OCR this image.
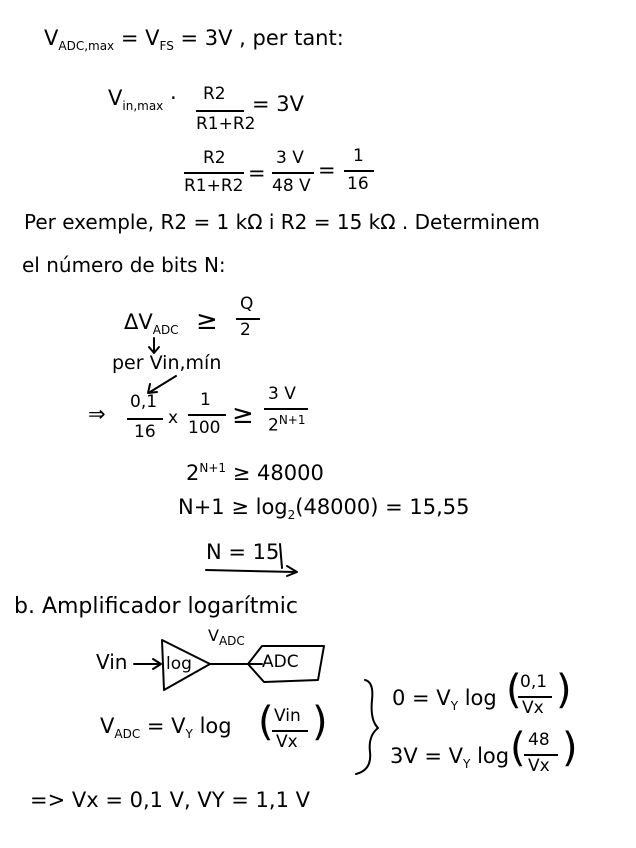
$V_{ADC,max} = V_{FS} = 3V$ , per tant:
$V_{in,max} \cdot R2$
R1+R2
= 3V
R2
R1+R2
=
3 V
48 V
=
1
16
Per exemple, R2 = 1 kΩ i R2 = 15 kΩ . Determinem
el número de bits N:
$\Delta V_{ADC}$ ≥
Q
2
per Vin,mín
⇒ 0,1
16
x
1
100 ≥
3 V
$2^{N+1}$
$2^{N+1} \ge 48000$
$N+1 \ge \log_2(48000) = 15,55$
N = 15
b. Amplificador logarítmic
Vin log
$V_{ADC}$
ADC
$V_{ADC} = V_Y$ log ( Vin
Vx )
$0 = V_Y$ log (
0,1
Vx )
$3V = V_Y$ log ( 48
Vx )
=> Vx = 0,1 V, VY = 1,1 V
